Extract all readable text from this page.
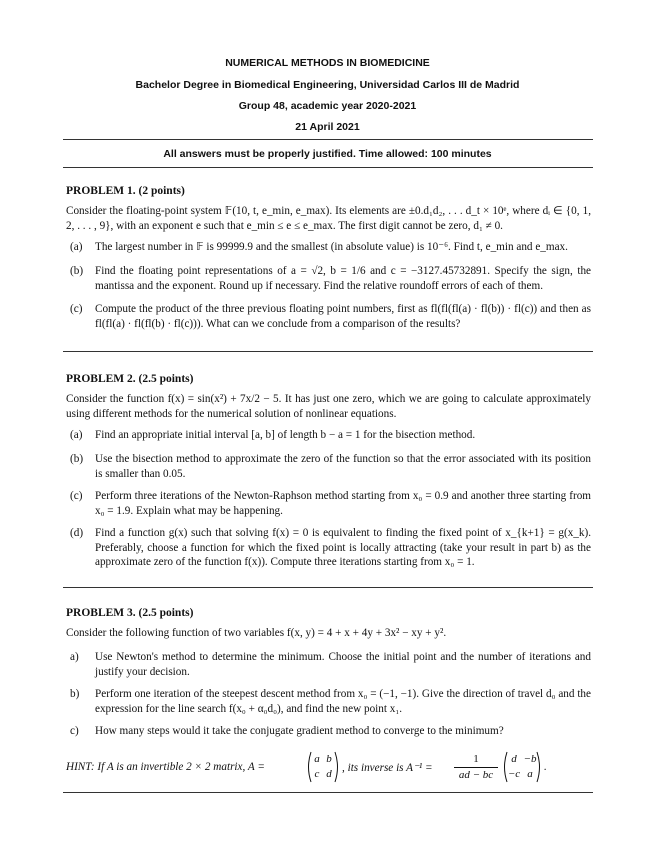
NUMERICAL METHODS IN BIOMEDICINE
Bachelor Degree in Biomedical Engineering, Universidad Carlos III de Madrid
Group 48, academic year 2020-2021
21 April 2021
All answers must be properly justified. Time allowed: 100 minutes
PROBLEM 1. (2 points)
Consider the floating-point system 𝔽(10, t, e_min, e_max). Its elements are ±0.d₁d₂, . . . d_t × 10ᵉ, where dᵢ ∈ {0, 1, 2, . . . , 9}, with an exponent e such that e_min ≤ e ≤ e_max. The first digit cannot be zero, d₁ ≠ 0.
(a)	The largest number in 𝔽 is 99999.9 and the smallest (in absolute value) is 10⁻⁶. Find t, e_min and e_max.
(b)	Find the floating point representations of a = √2, b = 1/6 and c = −3127.45732891. Specify the sign, the mantissa and the exponent. Round up if necessary. Find the relative roundoff errors of each of them.
(c)	Compute the product of the three previous floating point numbers, first as fl(fl(fl(a) · fl(b)) · fl(c)) and then as fl(fl(a) · fl(fl(b) · fl(c))). What can we conclude from a comparison of the results?
PROBLEM 2. (2.5 points)
Consider the function f(x) = sin(x²) + 7x/2 − 5. It has just one zero, which we are going to calculate approximately using different methods for the numerical solution of nonlinear equations.
(a)	Find an appropriate initial interval [a, b] of length b − a = 1 for the bisection method.
(b)	Use the bisection method to approximate the zero of the function so that the error associated with its position is smaller than 0.05.
(c)	Perform three iterations of the Newton-Raphson method starting from x₀ = 0.9 and another three starting from x₀ = 1.9. Explain what may be happening.
(d)	Find a function g(x) such that solving f(x) = 0 is equivalent to finding the fixed point of x_{k+1} = g(x_k). Preferably, choose a function for which the fixed point is locally attracting (take your result in part b) as the approximate zero of the function f(x)). Compute three iterations starting from x₀ = 1.
PROBLEM 3. (2.5 points)
Consider the following function of two variables f(x, y) = 4 + x + 4y + 3x² − xy + y².
a)	Use Newton's method to determine the minimum. Choose the initial point and the number of iterations and justify your decision.
b)	Perform one iteration of the steepest descent method from x₀ = (−1, −1). Give the direction of travel d₀ and the expression for the line search f(x₀ + α₀d₀), and find the new point x₁.
c)	How many steps would it take the conjugate gradient method to converge to the minimum?
HINT: If A is an invertible 2 × 2 matrix, A =
a b
c d , its inverse is A⁻¹ =
1
ad − bc
d −b
−c a
.
